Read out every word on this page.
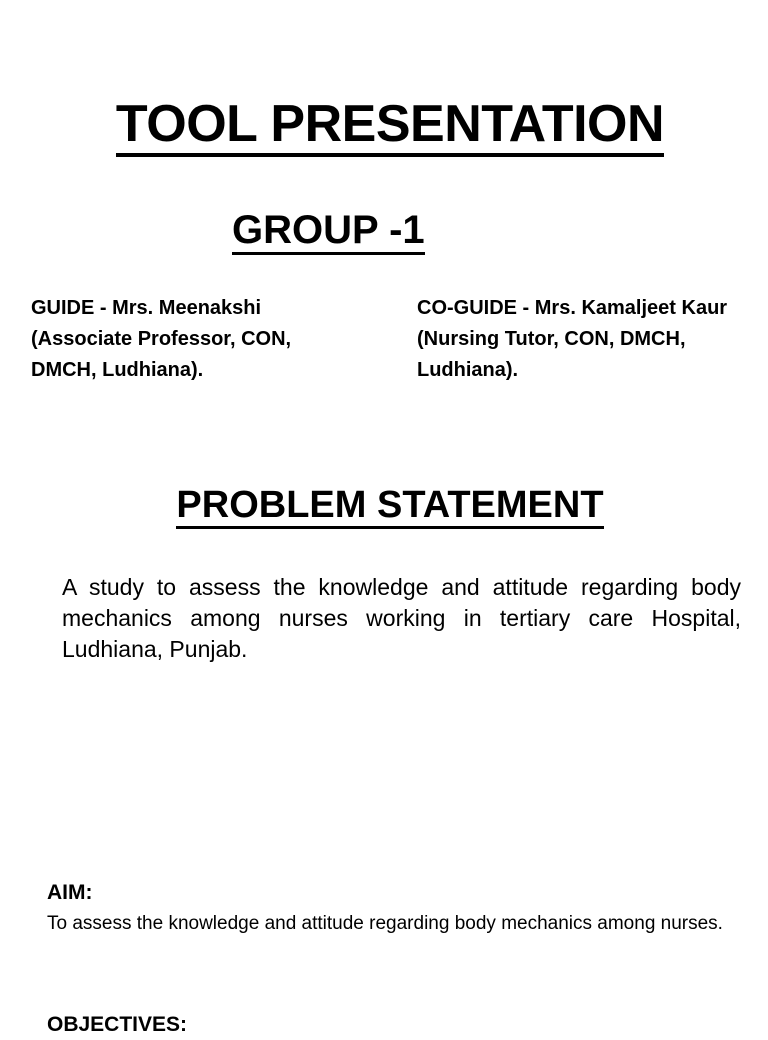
TOOL PRESENTATION
GROUP -1
GUIDE - Mrs. Meenakshi
(Associate Professor, CON,
DMCH, Ludhiana).
CO-GUIDE - Mrs. Kamaljeet Kaur
(Nursing Tutor, CON, DMCH,
Ludhiana).
PROBLEM STATEMENT
A study to assess the knowledge and attitude regarding body mechanics among nurses working in tertiary care Hospital, Ludhiana, Punjab.
AIM:
To assess the knowledge and attitude regarding body mechanics among nurses.
OBJECTIVES:
